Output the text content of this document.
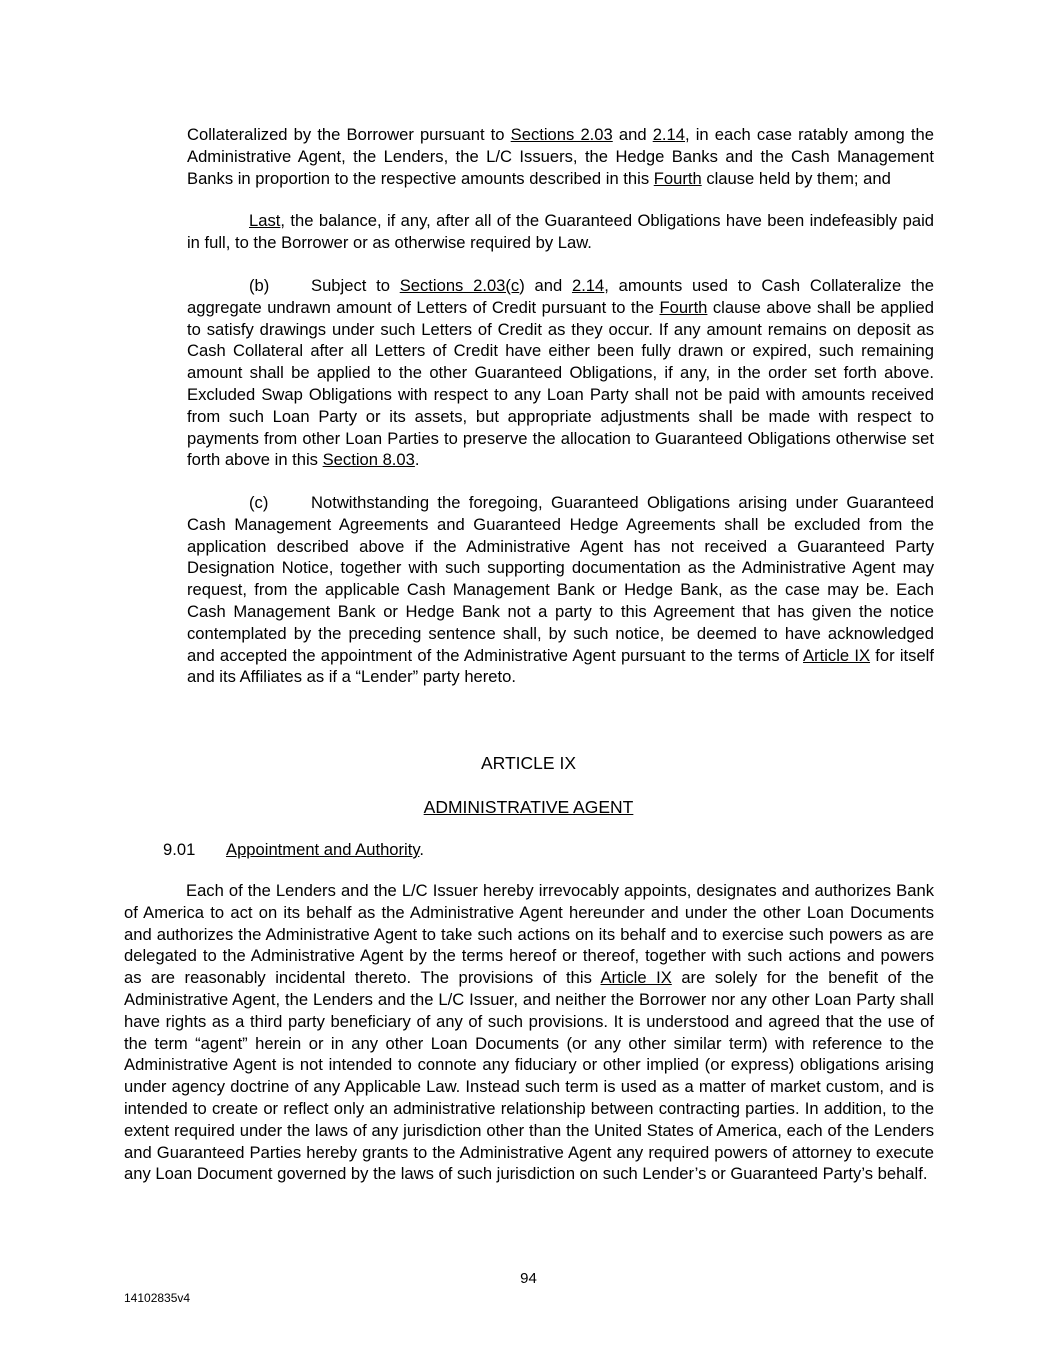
Collateralized by the Borrower pursuant to Sections 2.03 and 2.14, in each case ratably among the Administrative Agent, the Lenders, the L/C Issuers, the Hedge Banks and the Cash Management Banks in proportion to the respective amounts described in this Fourth clause held by them; and
Last, the balance, if any, after all of the Guaranteed Obligations have been indefeasibly paid in full, to the Borrower or as otherwise required by Law.
(b)	Subject to Sections 2.03(c) and 2.14, amounts used to Cash Collateralize the aggregate undrawn amount of Letters of Credit pursuant to the Fourth clause above shall be applied to satisfy drawings under such Letters of Credit as they occur. If any amount remains on deposit as Cash Collateral after all Letters of Credit have either been fully drawn or expired, such remaining amount shall be applied to the other Guaranteed Obligations, if any, in the order set forth above. Excluded Swap Obligations with respect to any Loan Party shall not be paid with amounts received from such Loan Party or its assets, but appropriate adjustments shall be made with respect to payments from other Loan Parties to preserve the allocation to Guaranteed Obligations otherwise set forth above in this Section 8.03.
(c)	Notwithstanding the foregoing, Guaranteed Obligations arising under Guaranteed Cash Management Agreements and Guaranteed Hedge Agreements shall be excluded from the application described above if the Administrative Agent has not received a Guaranteed Party Designation Notice, together with such supporting documentation as the Administrative Agent may request, from the applicable Cash Management Bank or Hedge Bank, as the case may be. Each Cash Management Bank or Hedge Bank not a party to this Agreement that has given the notice contemplated by the preceding sentence shall, by such notice, be deemed to have acknowledged and accepted the appointment of the Administrative Agent pursuant to the terms of Article IX for itself and its Affiliates as if a “Lender” party hereto.
ARTICLE IX
ADMINISTRATIVE AGENT
9.01 Appointment and Authority.
Each of the Lenders and the L/C Issuer hereby irrevocably appoints, designates and authorizes Bank of America to act on its behalf as the Administrative Agent hereunder and under the other Loan Documents and authorizes the Administrative Agent to take such actions on its behalf and to exercise such powers as are delegated to the Administrative Agent by the terms hereof or thereof, together with such actions and powers as are reasonably incidental thereto. The provisions of this Article IX are solely for the benefit of the Administrative Agent, the Lenders and the L/C Issuer, and neither the Borrower nor any other Loan Party shall have rights as a third party beneficiary of any of such provisions. It is understood and agreed that the use of the term “agent” herein or in any other Loan Documents (or any other similar term) with reference to the Administrative Agent is not intended to connote any fiduciary or other implied (or express) obligations arising under agency doctrine of any Applicable Law. Instead such term is used as a matter of market custom, and is intended to create or reflect only an administrative relationship between contracting parties. In addition, to the extent required under the laws of any jurisdiction other than the United States of America, each of the Lenders and Guaranteed Parties hereby grants to the Administrative Agent any required powers of attorney to execute any Loan Document governed by the laws of such jurisdiction on such Lender’s or Guaranteed Party’s behalf.
94
14102835v4
